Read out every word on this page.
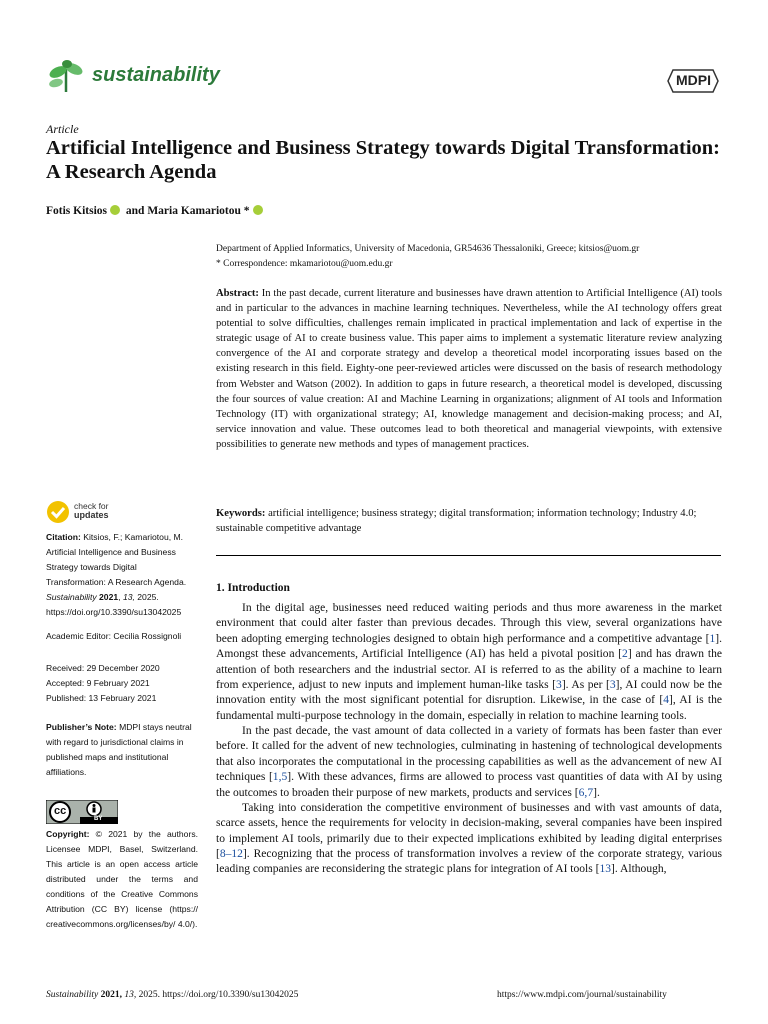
sustainability	MDPI
Article
Artificial Intelligence and Business Strategy towards Digital Transformation: A Research Agenda
Fotis Kitsios and Maria Kamariotou *
Department of Applied Informatics, University of Macedonia, GR54636 Thessaloniki, Greece; kitsios@uom.gr
* Correspondence: mkamariotou@uom.edu.gr
Abstract: In the past decade, current literature and businesses have drawn attention to Artificial Intelligence (AI) tools and in particular to the advances in machine learning techniques. Nevertheless, while the AI technology offers great potential to solve difficulties, challenges remain implicated in practical implementation and lack of expertise in the strategic usage of AI to create business value. This paper aims to implement a systematic literature review analyzing convergence of the AI and corporate strategy and develop a theoretical model incorporating issues based on the existing research in this field. Eighty-one peer-reviewed articles were discussed on the basis of research methodology from Webster and Watson (2002). In addition to gaps in future research, a theoretical model is developed, discussing the four sources of value creation: AI and Machine Learning in organizations; alignment of AI tools and Information Technology (IT) with organizational strategy; AI, knowledge management and decision-making process; and AI, service innovation and value. These outcomes lead to both theoretical and managerial viewpoints, with extensive possibilities to generate new methods and types of management practices.
Keywords: artificial intelligence; business strategy; digital transformation; information technology; Industry 4.0; sustainable competitive advantage
check for
updates
Citation: Kitsios, F.; Kamariotou, M. Artificial Intelligence and Business Strategy towards Digital Transformation: A Research Agenda. Sustainability 2021, 13, 2025. https://doi.org/10.3390/su13042025
Academic Editor: Cecilia Rossignoli
Received: 29 December 2020
Accepted: 9 February 2021
Published: 13 February 2021
Publisher’s Note: MDPI stays neutral with regard to jurisdictional claims in published maps and institutional affiliations.
cc
BY
Copyright: © 2021 by the authors. Licensee MDPI, Basel, Switzerland. This article is an open access article distributed under the terms and conditions of the Creative Commons Attribution (CC BY) license (https:// creativecommons.org/licenses/by/ 4.0/).
1. Introduction

In the digital age, businesses need reduced waiting periods and thus more awareness in the market environment that could alter faster than previous decades. Through this view, several organizations have been adopting emerging technologies designed to obtain high performance and a competitive advantage [1]. Amongst these advancements, Artificial Intelligence (AI) has held a pivotal position [2] and has drawn the attention of both researchers and the industrial sector. AI is referred to as the ability of a machine to learn from experience, adjust to new inputs and implement human-like tasks [3]. As per [3], AI could now be the innovation entity with the most significant potential for disruption. Likewise, in the case of [4], AI is the fundamental multi-purpose technology in the domain, especially in relation to machine learning tools.

In the past decade, the vast amount of data collected in a variety of formats has been faster than ever before. It called for the advent of new technologies, culminating in hastening of technological developments that also incorporates the computational in the processing capabilities as well as the advancement of new AI techniques [1,5]. With these advances, firms are allowed to process vast quantities of data with AI by using the outcomes to broaden their purpose of new markets, products and services [6,7].

Taking into consideration the competitive environment of businesses and with vast amounts of data, scarce assets, hence the requirements for velocity in decision-making, several companies have been inspired to implement AI tools, primarily due to their expected implications exhibited by leading digital enterprises [8–12]. Recognizing that the process of transformation involves a review of the corporate strategy, various leading companies are reconsidering the strategic plans for integration of AI tools [13]. Although,

Sustainability 2021, 13, 2025. https://doi.org/10.3390/su13042025	https://www.mdpi.com/journal/sustainability
